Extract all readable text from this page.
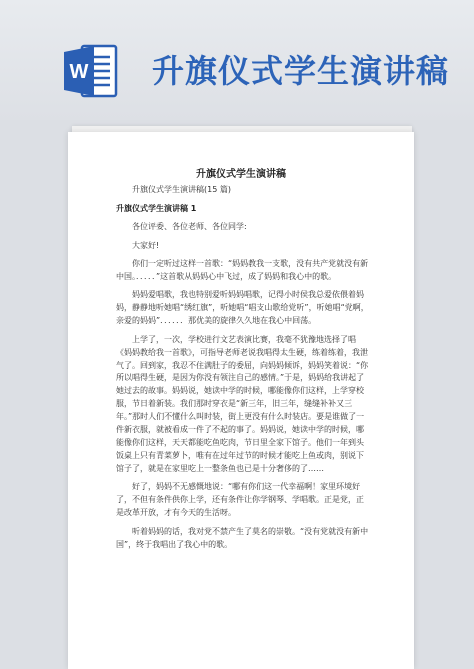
W 升旗仪式学生演讲稿
升旗仪式学生演讲稿

升旗仪式学生演讲稿(15 篇)

升旗仪式学生演讲稿 1

各位评委、各位老师、各位同学:

大家好!

你们一定听过这样一首歌：“妈妈教我一支歌，没有共产党就没有新中国。．．．．．”这首歌从妈妈心中飞过，成了妈妈和我心中的歌。

妈妈爱唱歌，我也特别爱听妈妈唱歌，记得小时侯我总爱依偎着妈妈，静静地听她唱“绣红旗”，听她唱“唱支山歌给党听”，听她唱“党啊，亲爱的妈妈”．．．．．．那优美的旋律久久地在我心中回荡。

上学了，一次，学校进行文艺表演比赛，我毫不犹豫地选择了唱《妈妈教给我一首歌》，可指导老师老说我唱得太生硬，练着练着，我泄气了。回到家，我忍不住满肚子的委屈，向妈妈倾诉，妈妈笑着说：“你所以唱得生硬，是因为你没有领注自己的感情。”于是，妈妈给我讲起了她过去的故事。妈妈说，她读中学的时候，哪能像你们这样，上学穿校服，节日着新装。我们那时穿衣是“新三年，旧三年，缝缝补补又三年。”那时人们不懂什么叫时装，街上更没有什么时装店。要是谁做了一件新衣服，就被看成一件了不起的事了。妈妈说，她读中学的时候，哪能像你们这样，天天都能吃鱼吃肉，节日里全家下馆子。他们一年到头饭桌上只有青菜萝卜，唯有在过年过节的时候才能吃上鱼或肉，别说下馆子了，就是在家里吃上一整条鱼也已是十分奢侈的了……

好了，妈妈不无感慨地说：“哪有你们这一代幸福啊！家里环境好了，不但有条件供你上学，还有条件让你学钢琴、学唱歌。正是党，正是改革开放，才有今天的生活呀。

听着妈妈的话，我对党不禁产生了莫名的崇敬。“没有党就没有新中国”，终于我唱出了我心中的歌。
